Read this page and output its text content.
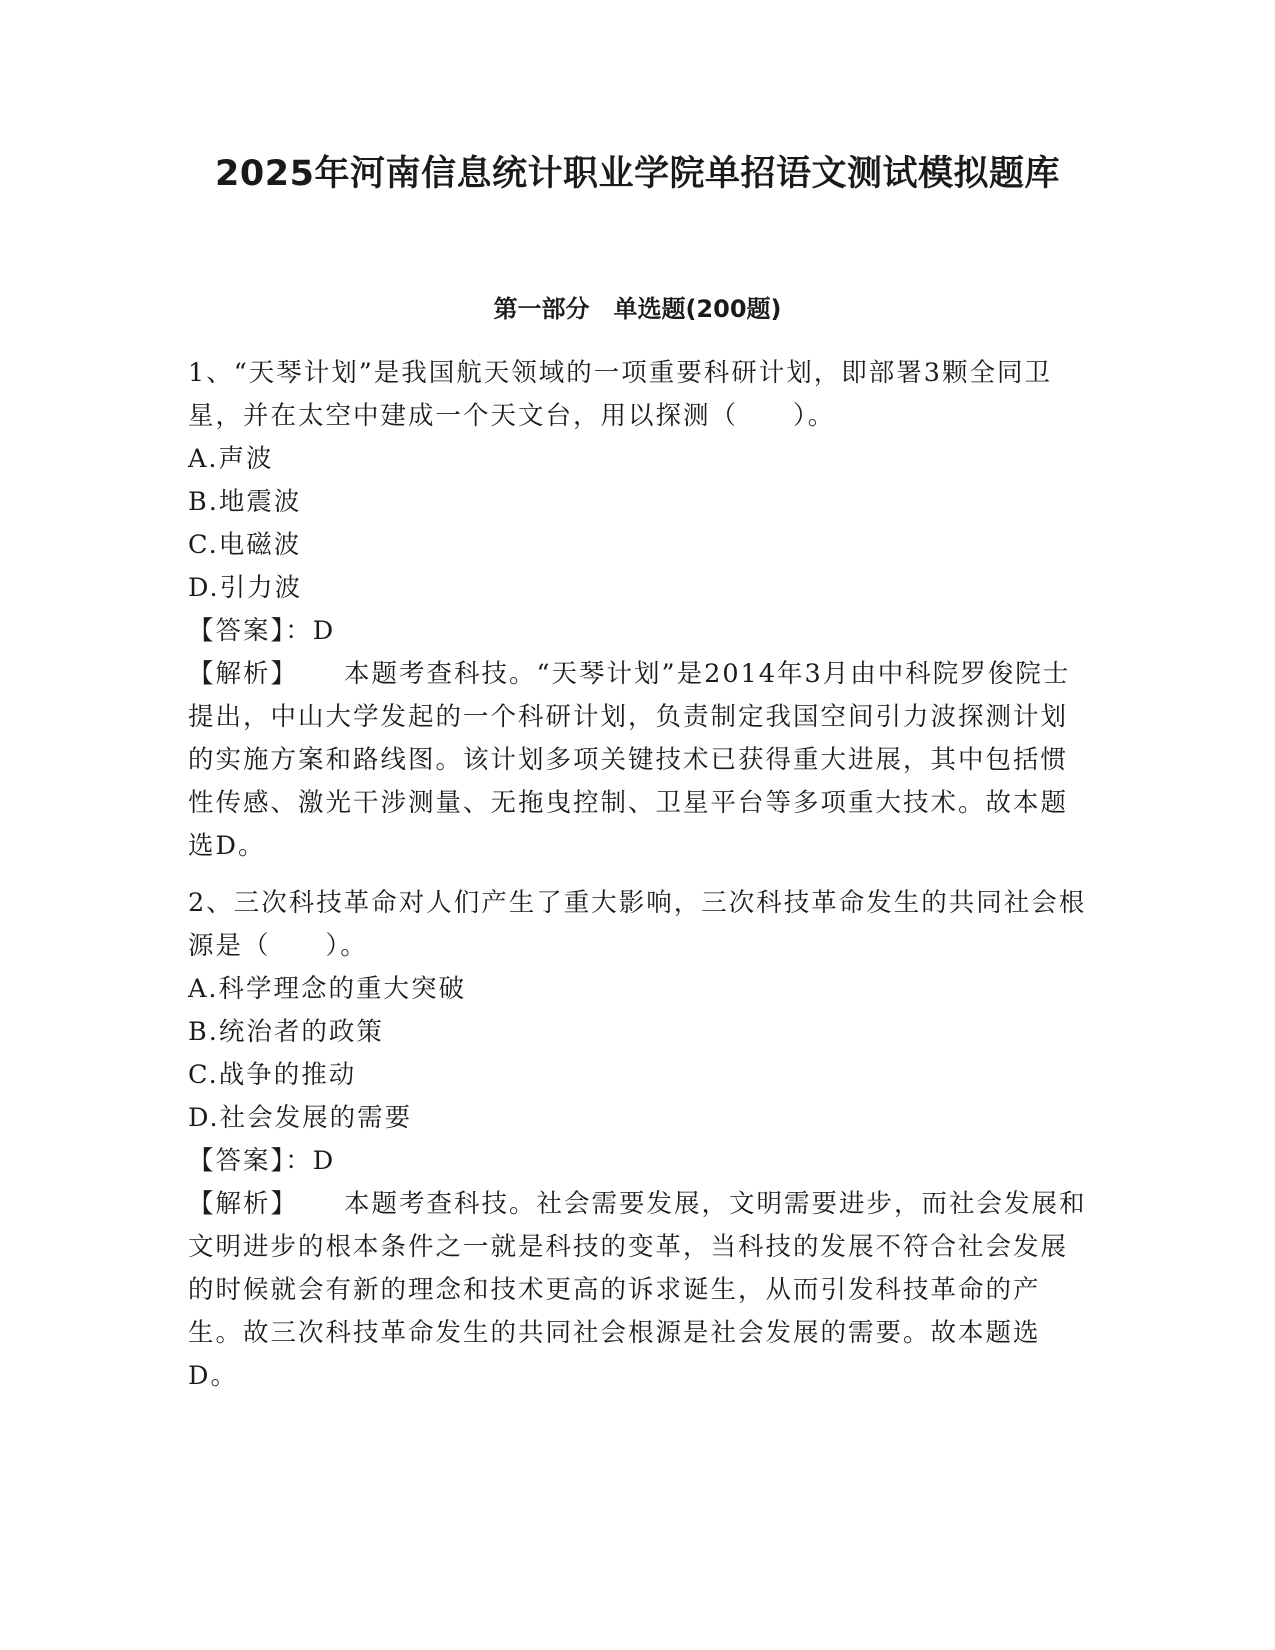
2025年河南信息统计职业学院单招语文测试模拟题库
第一部分　单选题(200题)

1、“天琴计划”是我国航天领域的一项重要科研计划，即部署3颗全同卫星，并在太空中建成一个天文台，用以探测（　　）。

A.声波

B.地震波

C.电磁波

D.引力波

【答案】：D

【解析】 本题考查科技。“天琴计划”是2014年3月由中科院罗俊院士提出，中山大学发起的一个科研计划，负责制定我国空间引力波探测计划的实施方案和路线图。该计划多项关键技术已获得重大进展，其中包括惯性传感、激光干涉测量、无拖曳控制、卫星平台等多项重大技术。故本题选D。

2、三次科技革命对人们产生了重大影响，三次科技革命发生的共同社会根源是（　　）。

A.科学理念的重大突破

B.统治者的政策

C.战争的推动

D.社会发展的需要

【答案】：D

【解析】 本题考查科技。社会需要发展，文明需要进步，而社会发展和文明进步的根本条件之一就是科技的变革，当科技的发展不符合社会发展的时候就会有新的理念和技术更高的诉求诞生，从而引发科技革命的产生。故三次科技革命发生的共同社会根源是社会发展的需要。故本题选D。
